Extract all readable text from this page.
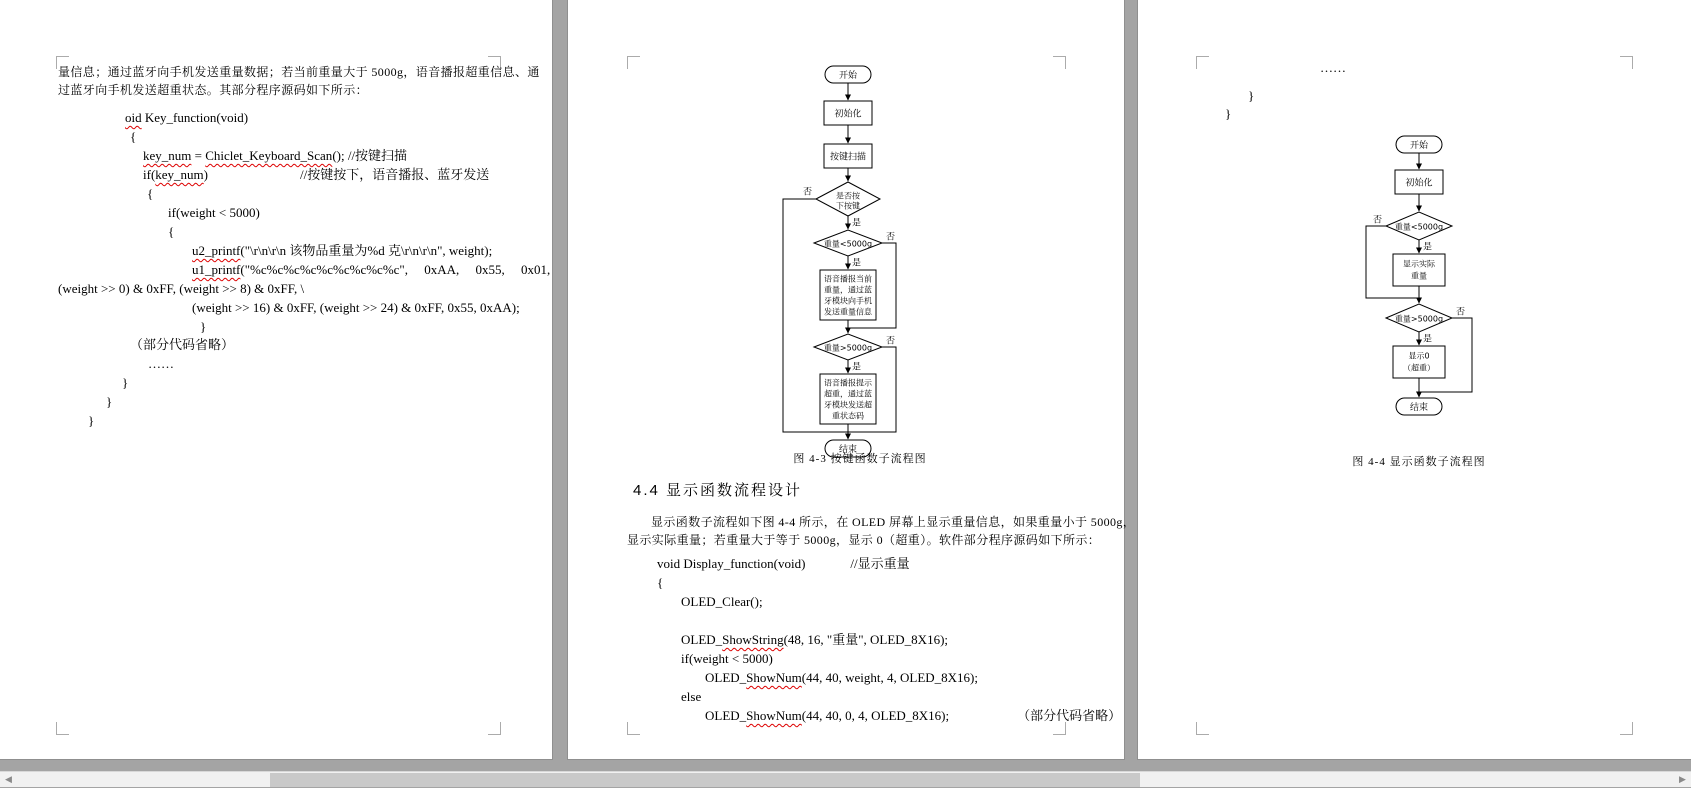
量信息；通过蓝牙向手机发送重量数据；若当前重量大于 5000g，语音播报超重信息、通
过蓝牙向手机发送超重状态。其部分程序源码如下所示：
oid Key_function(void)
{
key_num = Chiclet_Keyboard_Scan(); //按键扫描
if(key_num)	//按键按下，语音播报、蓝牙发送
{
if(weight < 5000)
{
u2_printf("\r\n\r\n 该物品重量为%d 克\r\n\r\n", weight);
u1_printf("%c%c%c%c%c%c%c%c%c",     0xAA,     0x55,     0x01,
(weight >> 0) & 0xFF, (weight >> 8) & 0xFF, \
(weight >> 16) & 0xFF, (weight >> 24) & 0xFF, 0x55, 0xAA);
}
（部分代码省略）
……
}
}
}
开始
初始化
按键扫描
是否按
下按键
重量<5000g
语音播报当前
重量，通过蓝
牙模块向手机
发送重量信息
重量>5000g
语音播报提示
超重，通过蓝
牙模块发送超
重状态码
结束
否
是
否
是
否
是
图 4-3 按键函数子流程图
4.4 显示函数流程设计
显示函数子流程如下图 4-4 所示，在 OLED 屏幕上显示重量信息，如果重量小于 5000g，
显示实际重量；若重量大于等于 5000g，显示 0（超重）。软件部分程序源码如下所示：
void Display_function(void)	//显示重量
{
OLED_Clear();
OLED_ShowString(48, 16, "重量", OLED_8X16);
if(weight < 5000)
OLED_ShowNum(44, 40, weight, 4, OLED_8X16);
else
OLED_ShowNum(44, 40, 0, 4, OLED_8X16);	（部分代码省略）
……
}
}
开始
初始化
重量<5000g
显示实际
重量
重量>5000g
显示0
（超重）
结束
否
是
否
是
图 4-4 显示函数子流程图
◀	▶
